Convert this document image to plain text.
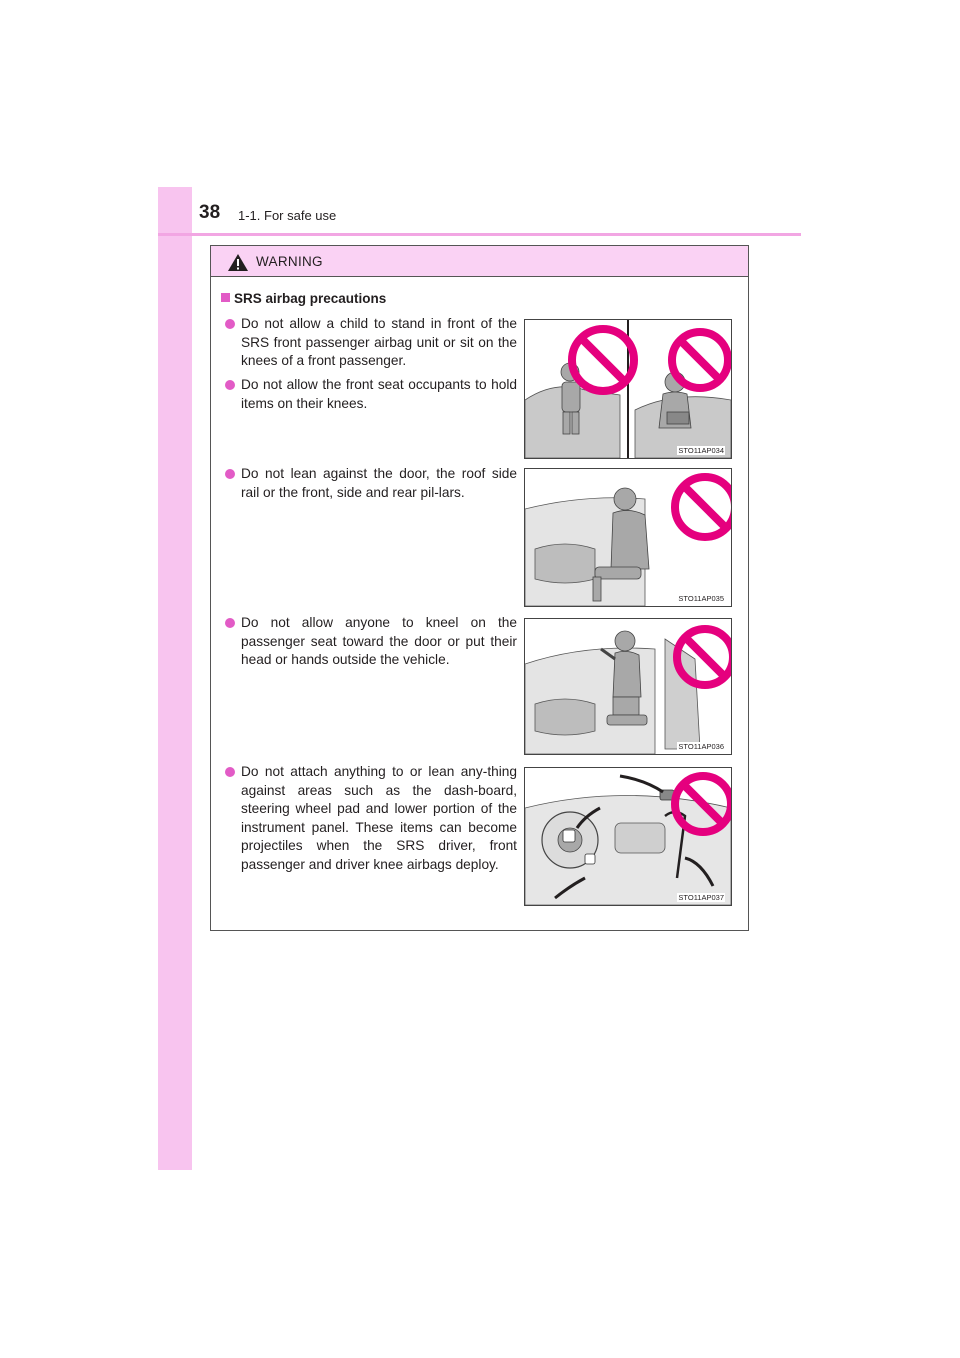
38 1-1. For safe use
WARNING
SRS airbag precautions
Do not allow a child to stand in front of the SRS front passenger airbag unit or sit on the knees of a front passenger.
Do not allow the front seat occupants to hold items on their knees.
Do not lean against the door, the roof side rail or the front, side and rear pil-lars.
Do not allow anyone to kneel on the passenger seat toward the door or put their head or hands outside the vehicle.
Do not attach anything to or lean any-thing against areas such as the dash-board, steering wheel pad and lower portion of the instrument panel. These items can become projectiles when the SRS driver, front passenger and driver knee airbags deploy.
STO11AP034
STO11AP035
STO11AP036
STO11AP037
